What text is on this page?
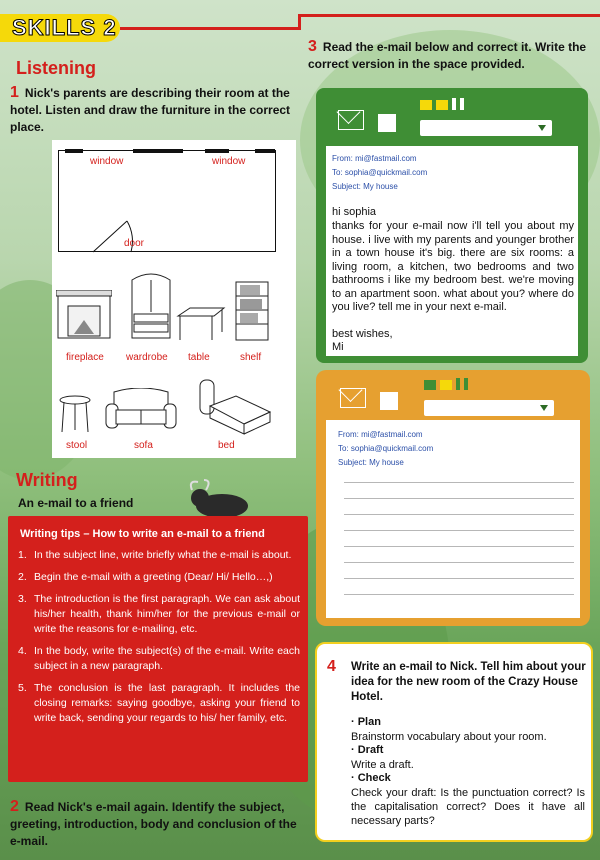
SKILLS 2
Listening
1 Nick's parents are describing their room at the hotel. Listen and draw the furniture in the correct place.
window	window
door
fireplace wardrobe table	shelf
stool	sofa	bed
Writing
An e-mail to a friend
Writing tips – How to write an e-mail to a friend
1. In the subject line, write briefly what the e-mail is about.
2. Begin the e-mail with a greeting (Dear/ Hi/ Hello…,)
3. The introduction is the first paragraph. We can ask about his/her health, thank him/her for the previous e-mail or write the reasons for e-mailing, etc.
4. In the body, write the subject(s) of the e-mail. Write each subject in a new paragraph.
5. The conclusion is the last paragraph. It includes the closing remarks: saying goodbye, asking your friend to write back, sending your regards to his/ her family, etc.
2 Read Nick's e-mail again. Identify the subject, greeting, introduction, body and conclusion of the e-mail.
3 Read the e-mail below and correct it. Write the correct version in the space provided.
From: mi@fastmail.com
To: sophia@quickmail.com
Subject: My house
hi sophia
thanks for your e-mail now i'll tell you about my house. i live with my parents and younger brother in a town house it's big. there are six rooms: a living room, a kitchen, two bedrooms and two bathrooms i like my bedroom best. we're moving to an apartment soon. what about you? where do you live? tell me in your next e-mail.
best wishes,
Mi
From: mi@fastmail.com
To: sophia@quickmail.com
Subject: My house
4 Write an e-mail to Nick. Tell him about your idea for the new room of the Crazy House Hotel.
· Plan
Brainstorm vocabulary about your room.
· Draft
Write a draft.
· Check
Check your draft: Is the punctuation correct? Is the capitalisation correct? Does it have all necessary parts?
